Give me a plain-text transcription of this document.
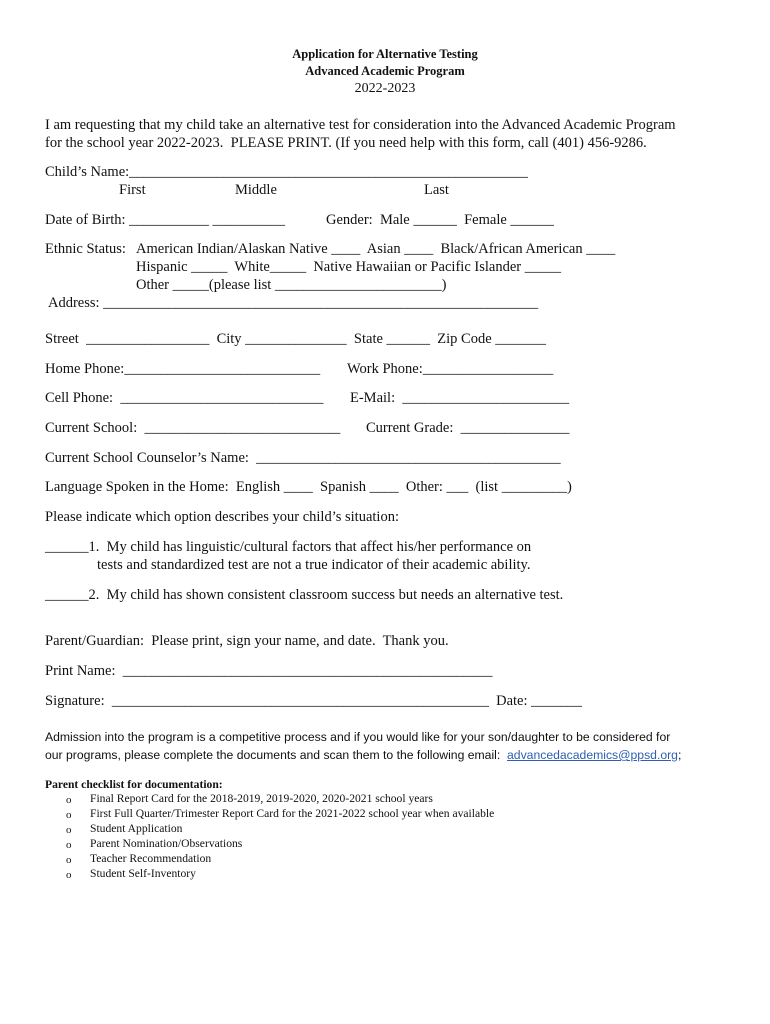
Application for Alternative Testing
Advanced Academic Program
2022-2023
I am requesting that my child take an alternative test for consideration into the Advanced Academic Program
for the school year 2022-2023.  PLEASE PRINT. (If you need help with this form, call (401) 456-9286.
Child’s Name:_______________________________________________________
First	Middle	Last
Date of Birth: ___________ __________	Gender:  Male ______  Female ______
Ethnic Status:   American Indian/Alaskan Native ____  Asian ____  Black/African American ____
Hispanic _____  White_____  Native Hawaiian or Pacific Islander _____
Other _____(please list _______________________)
Address: ____________________________________________________________
Street  _________________  City ______________  State ______  Zip Code _______
Home Phone:___________________________ Work Phone:__________________
Cell Phone:  ____________________________ E-Mail:  _______________________
Current School:  ___________________________ Current Grade:  _______________
Current School Counselor’s Name:  __________________________________________
Language Spoken in the Home:  English ____  Spanish ____  Other: ___  (list _________)
Please indicate which option describes your child’s situation:
______1.  My child has linguistic/cultural factors that affect his/her performance on
tests and standardized test are not a true indicator of their academic ability.
______2.  My child has shown consistent classroom success but needs an alternative test.
Parent/Guardian:  Please print, sign your name, and date.  Thank you.
Print Name:  ___________________________________________________
Signature:  ____________________________________________________  Date: _______
Admission into the program is a competitive process and if you would like for your son/daughter to be considered for
our programs, please complete the documents and scan them to the following email:  advancedacademics@ppsd.org;
Parent checklist for documentation:
o Final Report Card for the 2018-2019, 2019-2020, 2020-2021 school years
o First Full Quarter/Trimester Report Card for the 2021-2022 school year when available
o Student Application
o Parent Nomination/Observations
o Teacher Recommendation
o Student Self-Inventory
